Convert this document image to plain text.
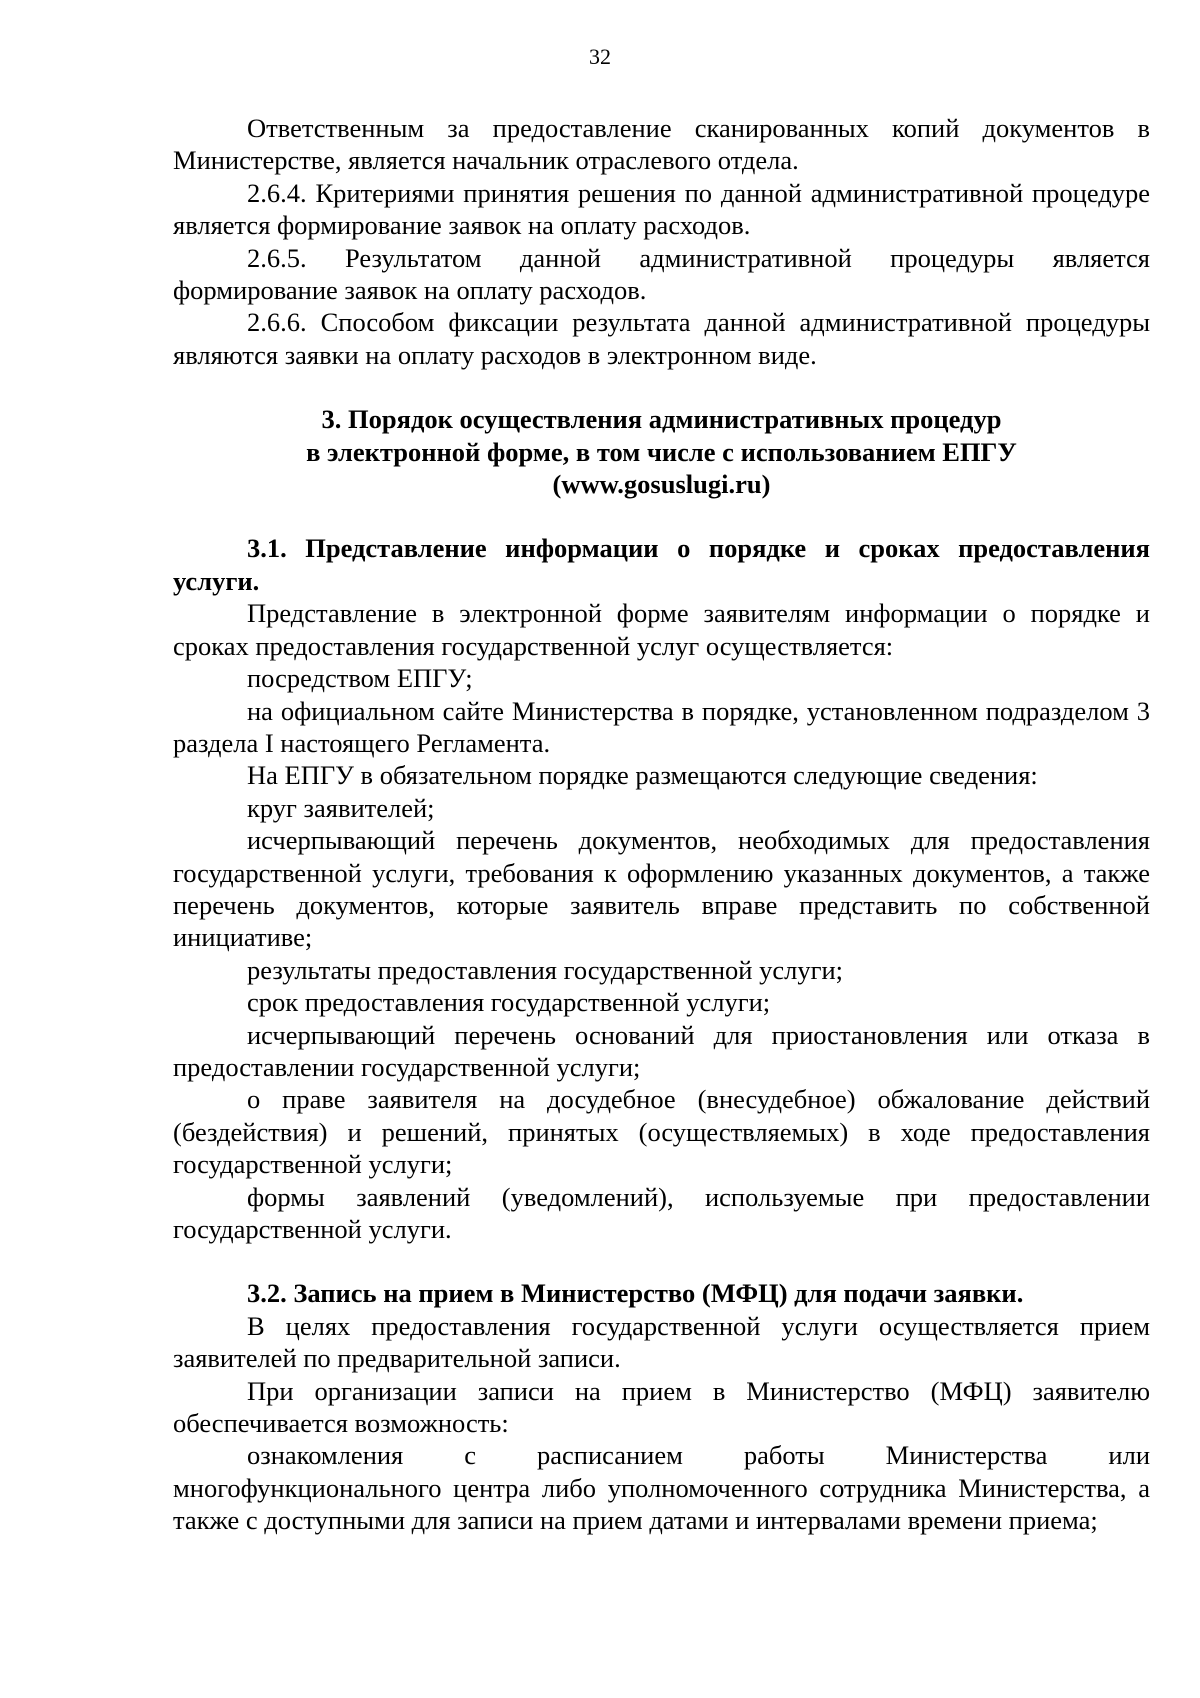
32

Ответственным за предоставление сканированных копий документов в Министерстве, является начальник отраслевого отдела.

2.6.4. Критериями принятия решения по данной административной процедуре является формирование заявок на оплату расходов.

2.6.5. Результатом данной административной процедуры является формирование заявок на оплату расходов.

2.6.6. Способом фиксации результата данной административной процедуры являются заявки на оплату расходов в электронном виде.

3. Порядок осуществления административных процедур
в электронной форме, в том числе с использованием ЕПГУ
(www.gosuslugi.ru)
3.1. Представление информации о порядке и сроках предоставления услуги.

Представление в электронной форме заявителям информации о порядке и сроках предоставления государственной услуг осуществляется:

посредством ЕПГУ;

на официальном сайте Министерства в порядке, установленном подразделом 3 раздела I настоящего Регламента.

На ЕПГУ в обязательном порядке размещаются следующие сведения:

круг заявителей;

исчерпывающий перечень документов, необходимых для предоставления государственной услуги, требования к оформлению указанных документов, а также перечень документов, которые заявитель вправе представить по собственной инициативе;

результаты предоставления государственной услуги;

срок предоставления государственной услуги;

исчерпывающий перечень оснований для приостановления или отказа в предоставлении государственной услуги;

о праве заявителя на досудебное (внесудебное) обжалование действий (бездействия) и решений, принятых (осуществляемых) в ходе предоставления государственной услуги;

формы заявлений (уведомлений), используемые при предоставлении государственной услуги.

3.2. Запись на прием в Министерство (МФЦ) для подачи заявки.

В целях предоставления государственной услуги осуществляется прием заявителей по предварительной записи.

При организации записи на прием в Министерство (МФЦ) заявителю обеспечивается возможность:

ознакомления с расписанием работы Министерства или многофункционального центра либо уполномоченного сотрудника Министерства, а также с доступными для записи на прием датами и интервалами времени приема;
